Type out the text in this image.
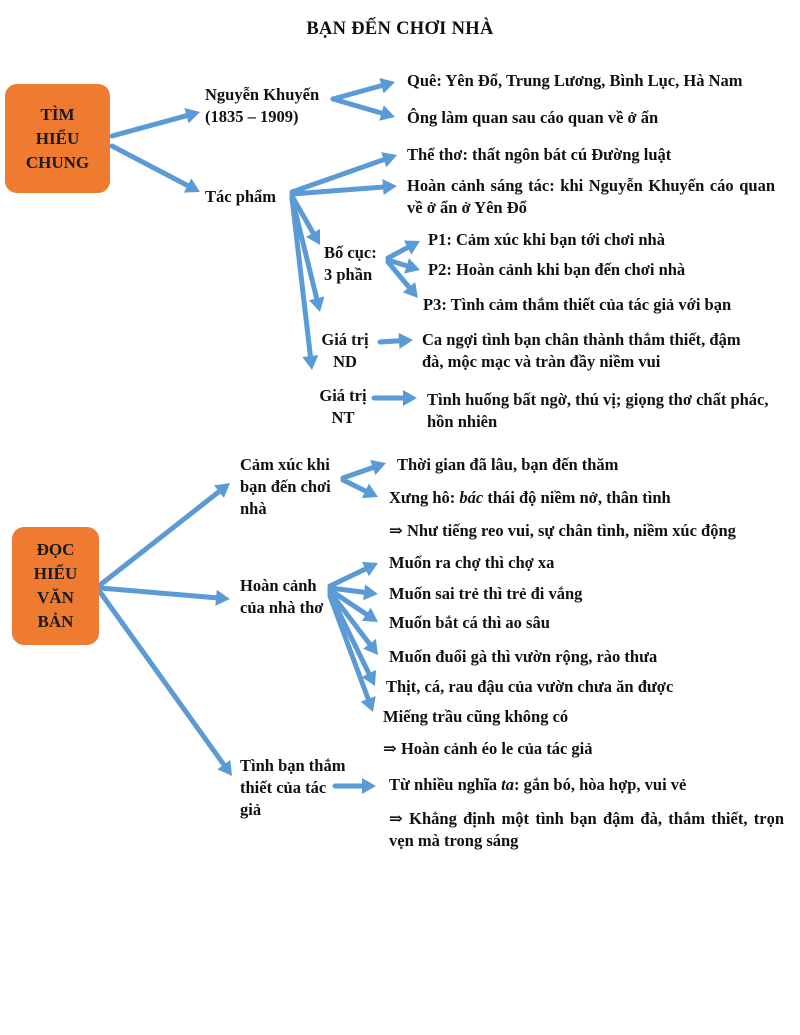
BẠN ĐẾN CHƠI NHÀ
TÌM
HIỂU
CHUNG
ĐỌC
HIỂU
VĂN
BẢN
Nguyễn Khuyến
(1835 – 1909)
Quê: Yên Đổ, Trung Lương, Bình Lục, Hà Nam
Ông làm quan sau cáo quan về ở ẩn
Tác phẩm
Thể thơ: thất ngôn bát cú Đường luật
Hoàn cảnh sáng tác: khi Nguyễn Khuyến cáo quan về ở ẩn ở Yên Đổ
Bố cục:
3 phần
P1: Cảm xúc khi bạn tới chơi nhà
P2: Hoàn cảnh khi bạn đến chơi nhà
P3: Tình cảm thắm thiết của tác giả với bạn
Giá trị
ND
Ca ngợi tình bạn chân thành thắm thiết, đậm đà, mộc mạc và tràn đầy niềm vui
Giá trị
NT
Tình huống bất ngờ, thú vị; giọng thơ chất phác, hồn nhiên
Cảm xúc khi bạn đến chơi nhà
Thời gian đã lâu, bạn đến thăm
Xưng hô: bác thái độ niềm nở, thân tình
⇒ Như tiếng reo vui, sự chân tình, niềm xúc động
Hoàn cảnh của nhà thơ
Muốn ra chợ thì chợ xa
Muốn sai trẻ thì trẻ đi vắng
Muốn bắt cá thì ao sâu
Muốn đuổi gà thì vườn rộng, rào thưa
Thịt, cá, rau đậu của vườn chưa ăn được
Miếng trầu cũng không có
⇒ Hoàn cảnh éo le của tác giả
Tình bạn thắm thiết của tác giả
Từ nhiều nghĩa ta: gắn bó, hòa hợp, vui vẻ
⇒ Khẳng định một tình bạn đậm đà, thắm thiết, trọn vẹn mà trong sáng
